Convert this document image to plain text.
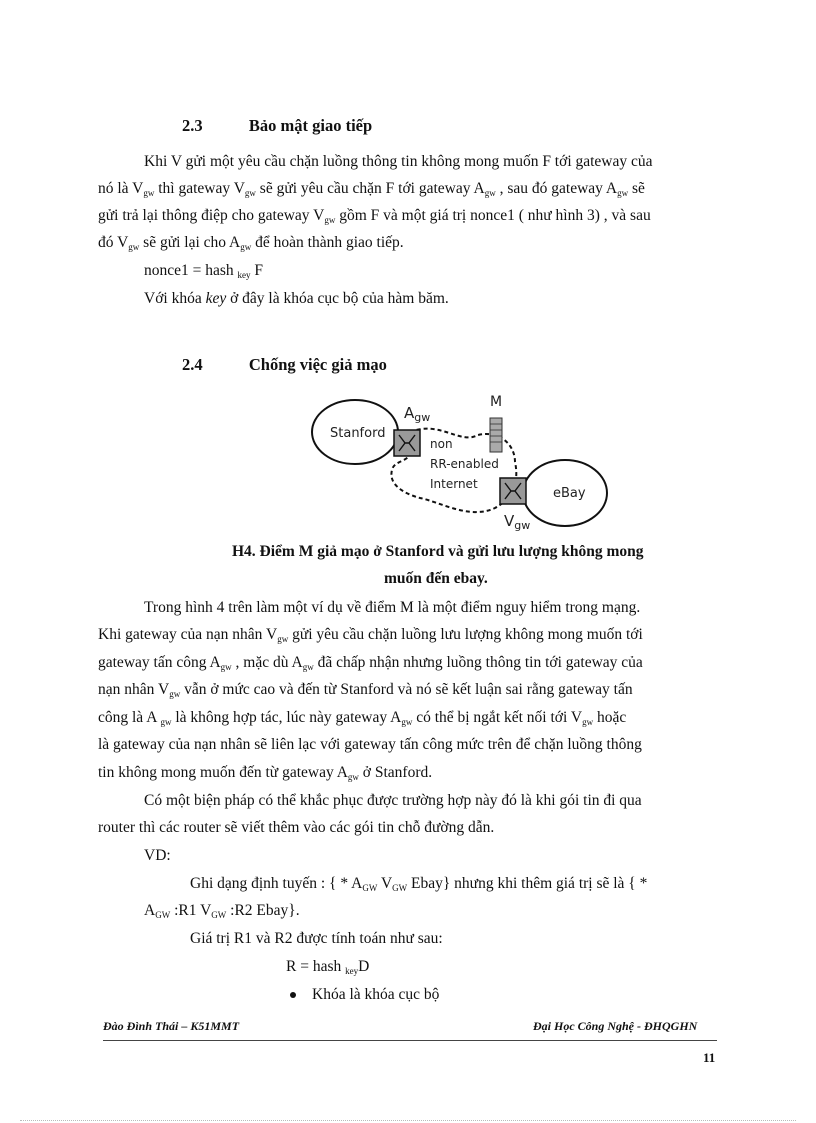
2.3	Bảo mật giao tiếp
Khi V gửi một yêu cầu chặn luồng thông tin không mong muốn F tới gateway của
nó là $V_{gw}$ thì gateway $V_{gw}$ sẽ gửi yêu cầu chặn F tới gateway $A_{gw}$ , sau đó gateway $A_{gw}$ sẽ
gửi trả lại thông điệp cho gateway $V_{gw}$ gồm F và một giá trị nonce1 ( như hình 3) , và sau
đó $V_{gw}$ sẽ gửi lại cho $A_{gw}$ để hoàn thành giao tiếp.
nonce1 = hash $_{key}$ F
Với khóa key ở đây là khóa cục bộ của hàm băm.
2.4	Chống việc giả mạo
Stanford
eBay
$A_{gw}$
$V_{gw}$
M
non
RR-enabled
Internet
H4. Điểm M giả mạo ở Stanford và gửi lưu lượng không mong
muốn đến ebay.
Trong hình 4 trên làm một ví dụ về điểm M là một điểm nguy hiểm trong mạng.
Khi gateway của nạn nhân $V_{gw}$ gửi yêu cầu chặn luồng lưu lượng không mong muốn tới
gateway tấn công $A_{gw}$ , mặc dù $A_{gw}$ đã chấp nhận nhưng luồng thông tin tới gateway của
nạn nhân $V_{gw}$ vẫn ở mức cao và đến từ Stanford và nó sẽ kết luận sai rằng gateway tấn
công là A $_{gw}$ là không hợp tác, lúc này gateway $A_{gw}$ có thể bị ngắt kết nối tới $V_{gw}$ hoặc
là gateway của nạn nhân sẽ liên lạc với gateway tấn công mức trên để chặn luồng thông
tin không mong muốn đến từ gateway $A_{gw}$ ở Stanford.
Có một biện pháp có thể khắc phục được trường hợp này đó là khi gói tin đi qua
router thì các router sẽ viết thêm vào các gói tin chỗ đường dẫn.
VD:
Ghi dạng định tuyến : { * $A_{GW}$ $V_{GW}$ Ebay} nhưng khi thêm giá trị sẽ là { *
$A_{GW}$ :R1 $V_{GW}$ :R2 Ebay}.
Giá trị R1 và R2 được tính toán như sau:
R = hash $_{key}$D
Khóa là khóa cục bộ
Đào Đình Thái – K51MMT	Đại Học Công Nghệ - ĐHQGHN
11
